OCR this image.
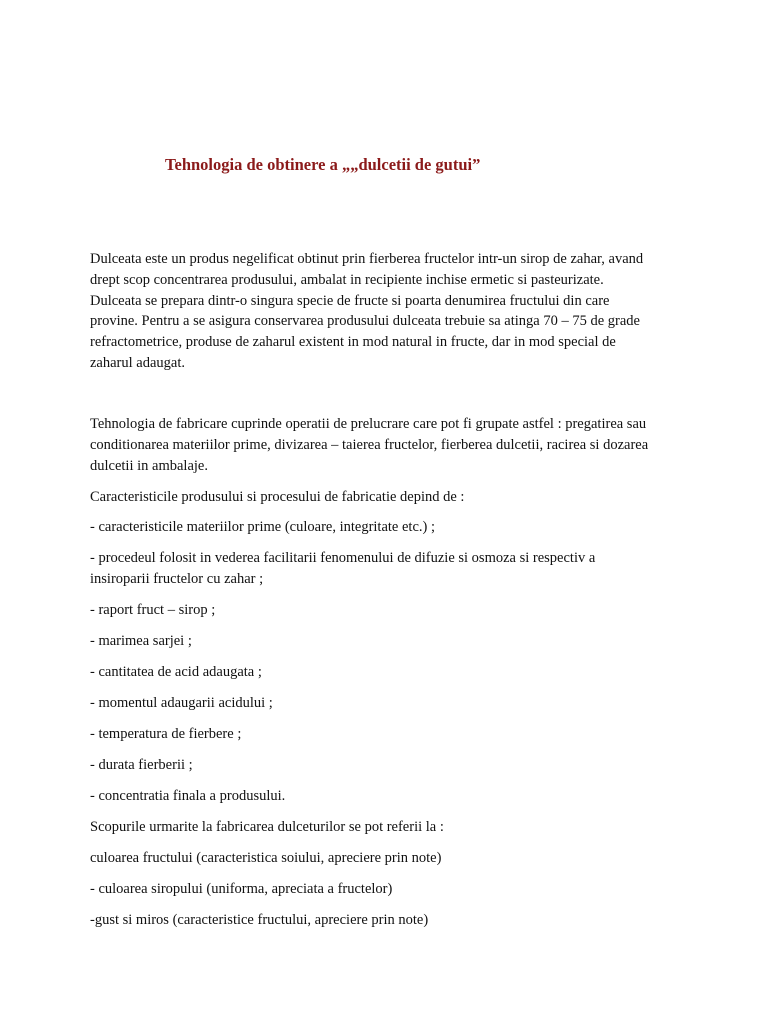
Tehnologia de obtinere a „„dulcetii de gutui”
Dulceata este un produs negelificat obtinut prin fierberea fructelor intr-un sirop de zahar, avand
drept scop concentrarea produsului, ambalat in recipiente inchise ermetic si pasteurizate.
Dulceata se prepara dintr-o singura specie de fructe si poarta denumirea fructului din care
provine. Pentru a se asigura conservarea produsului dulceata trebuie sa atinga 70 – 75 de grade
refractometrice, produse de zaharul existent in mod natural in fructe, dar in mod special de
zaharul adaugat.
Tehnologia de fabricare cuprinde operatii de prelucrare care pot fi grupate astfel : pregatirea sau
conditionarea materiilor prime, divizarea – taierea fructelor, fierberea dulcetii, racirea si dozarea
dulcetii in ambalaje.

Caracteristicile produsului si procesului de fabricatie depind de :

- caracteristicile materiilor prime (culoare, integritate etc.) ;

- procedeul folosit in vederea facilitarii fenomenului de difuzie si osmoza si respectiv a
insiroparii fructelor cu zahar ;

- raport fruct – sirop ;

- marimea sarjei ;

- cantitatea de acid adaugata ;

- momentul adaugarii acidului ;

- temperatura de fierbere ;

- durata fierberii ;

- concentratia finala a produsului.

Scopurile urmarite la fabricarea dulceturilor se pot referii la :

culoarea fructului (caracteristica soiului, apreciere prin note)

- culoarea siropului (uniforma, apreciata a fructelor)

-gust si miros (caracteristice fructului, apreciere prin note)
